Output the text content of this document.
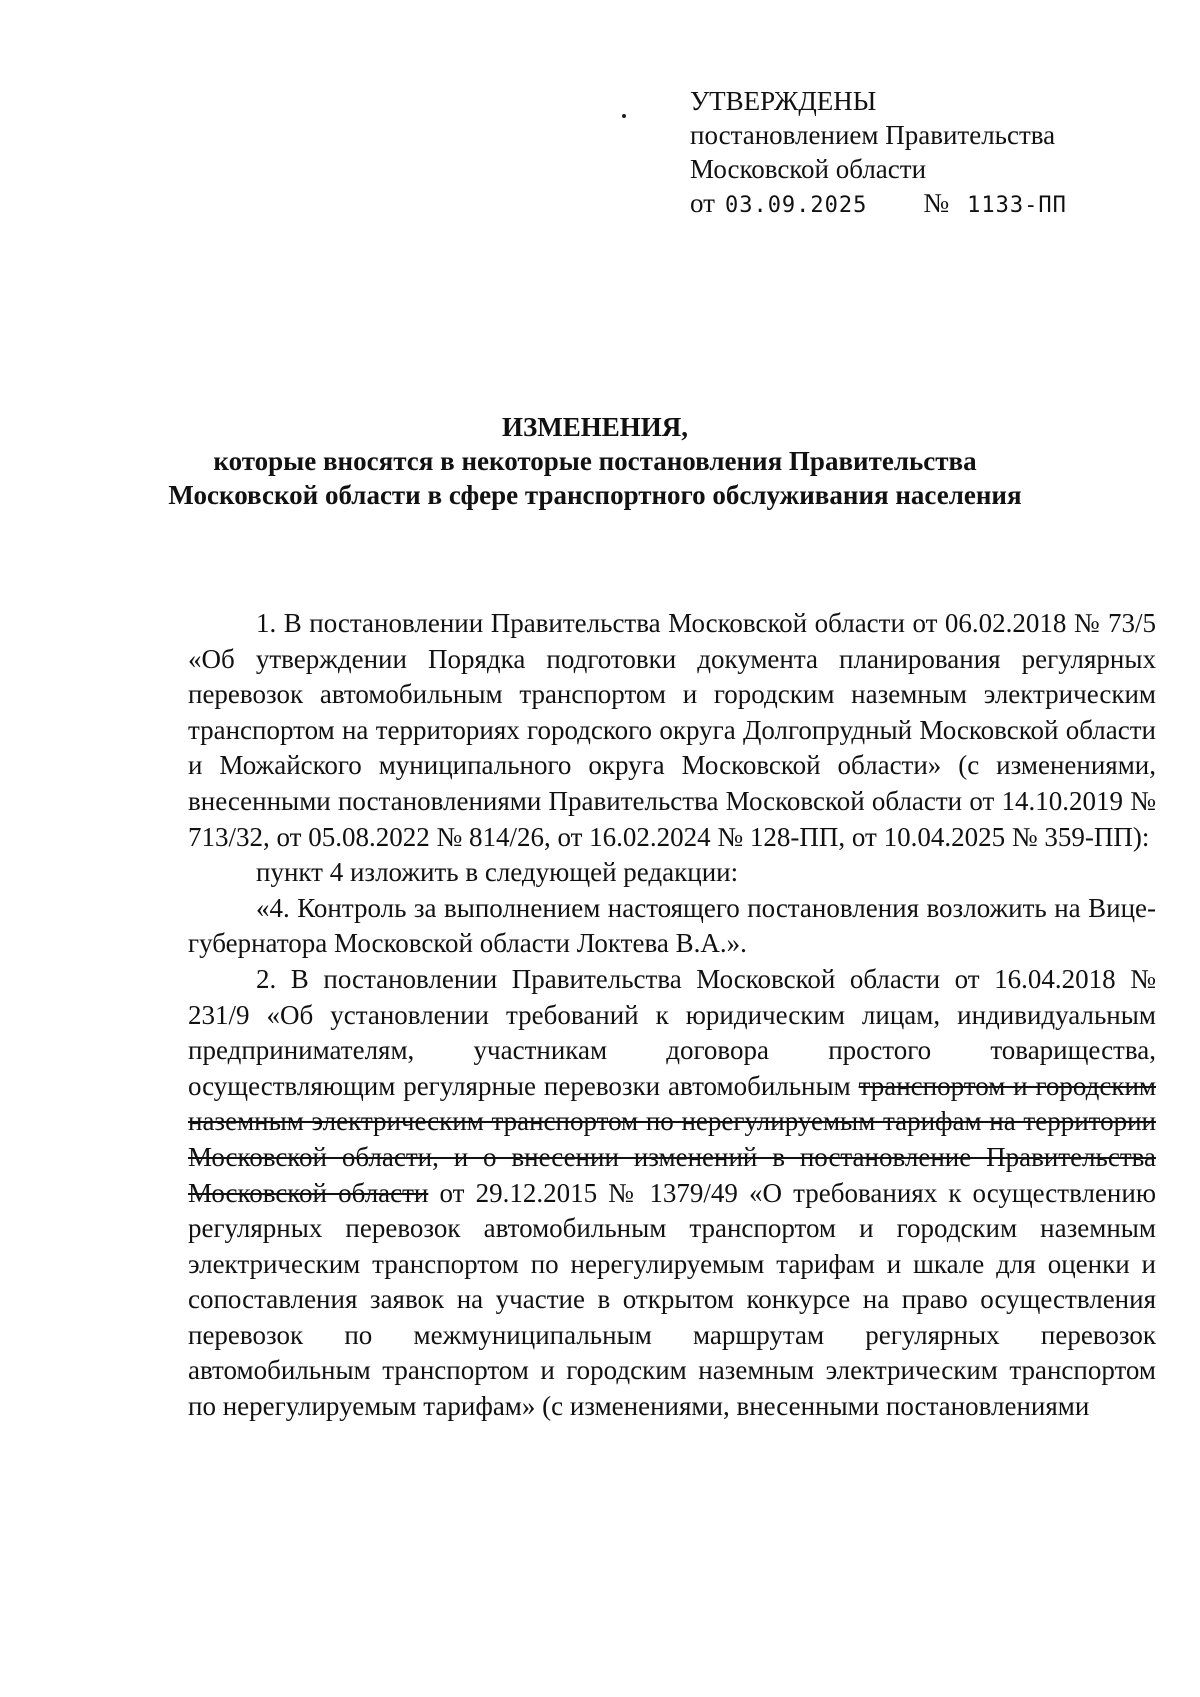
УТВЕРЖДЕНЫ
постановлением Правительства
Московской области
от 03.09.2025 № 1133-ПП
ИЗМЕНЕНИЯ,
которые вносятся в некоторые постановления Правительства
Московской области в сфере транспортного обслуживания населения

1. В постановлении Правительства Московской области от 06.02.2018 № 73/5 «Об утверждении Порядка подготовки документа планирования регулярных перевозок автомобильным транспортом и городским наземным электрическим транспортом на территориях городского округа Долгопрудный Московской области и Можайского муниципального округа Московской области» (с изменениями, внесенными постановлениями Правительства Московской области от 14.10.2019 № 713/32, от 05.08.2022 № 814/26, от 16.02.2024 № 128-ПП, от 10.04.2025 № 359-ПП):

пункт 4 изложить в следующей редакции:

«4. Контроль за выполнением настоящего постановления возложить на Вице-губернатора Московской области Локтева В.А.».

2. В постановлении Правительства Московской области от 16.04.2018 № 231/9 «Об установлении требований к юридическим лицам, индивидуальным предпринимателям, участникам договора простого товарищества, осуществляющим регулярные перевозки автомобильным транспортом и городским наземным электрическим транспортом по нерегулируемым тарифам на территории Московской области, и о внесении изменений в постановление Правительства Московской области от 29.12.2015 № 1379/49 «О требованиях к осуществлению регулярных перевозок автомобильным транспортом и городским наземным электрическим транспортом по нерегулируемым тарифам и шкале для оценки и сопоставления заявок на участие в открытом конкурсе на право осуществления перевозок по межмуниципальным маршрутам регулярных перевозок автомобильным транспортом и городским наземным электрическим транспортом по нерегулируемым тарифам» (с изменениями, внесенными постановлениями
